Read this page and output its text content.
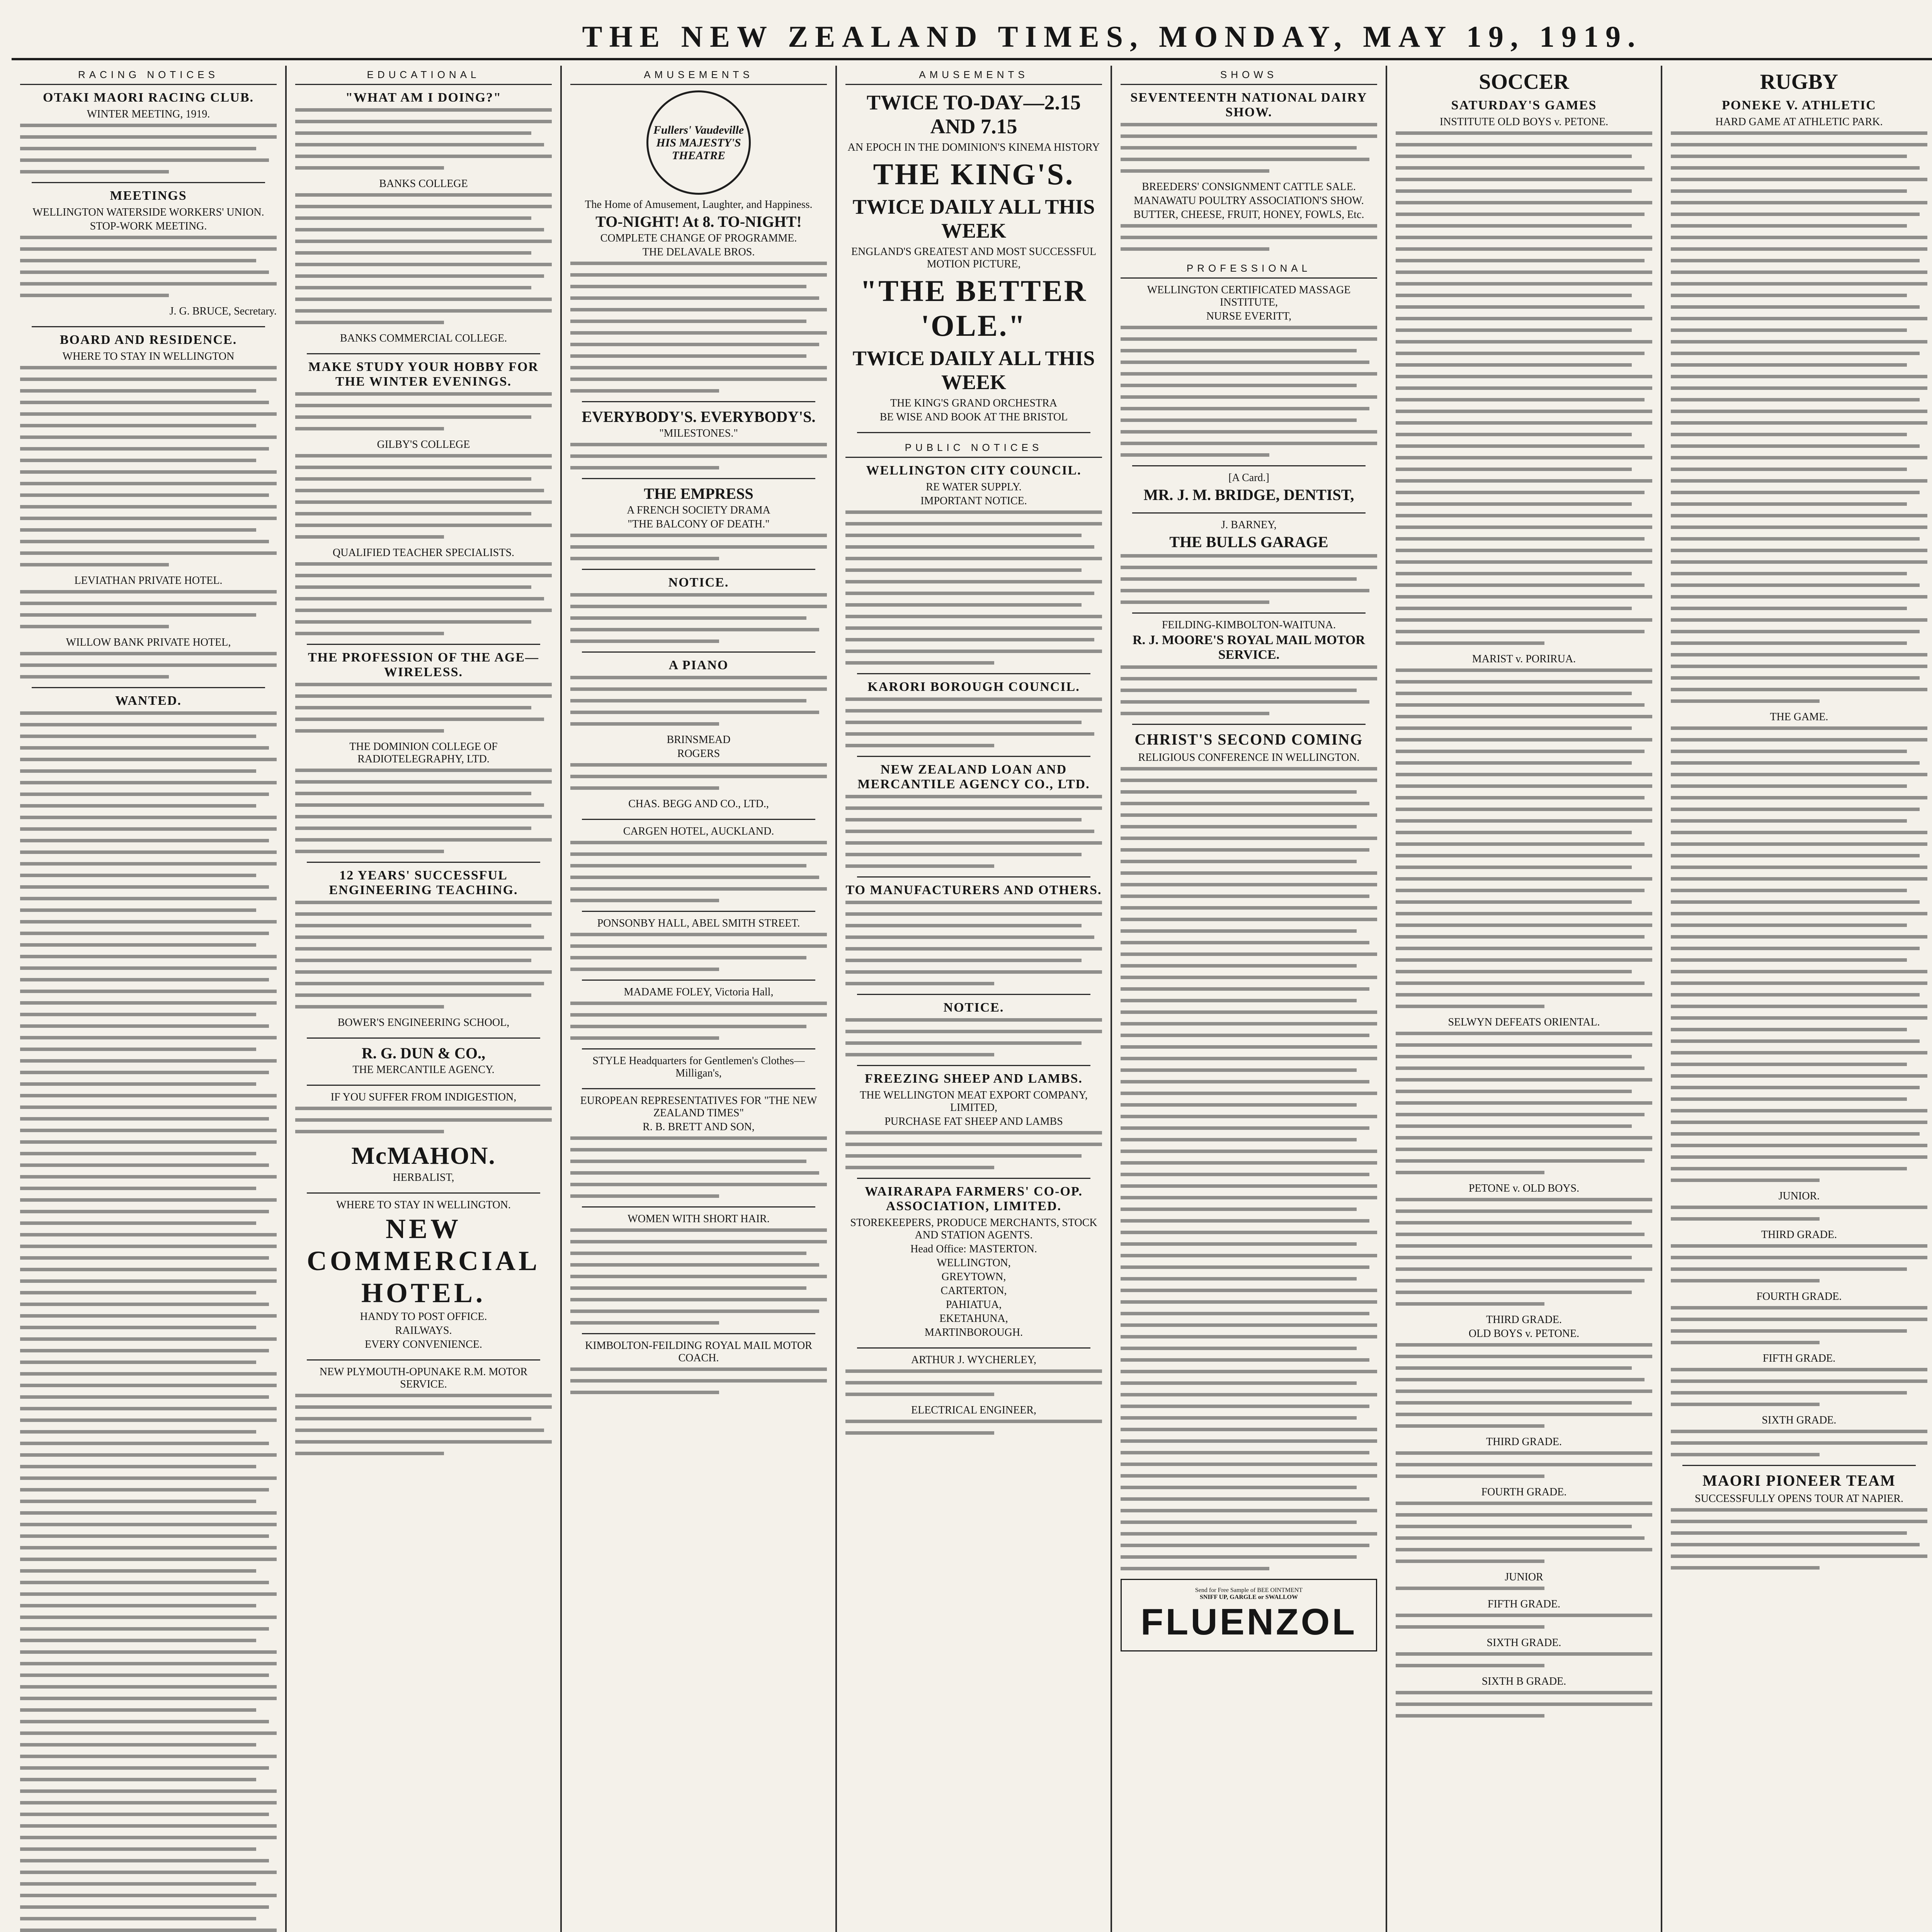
THE NEW ZEALAND TIMES, MONDAY, MAY 19, 1919.
RACING NOTICES
OTAKI MAORI RACING CLUB.
WINTER MEETING, 1919.
MEETINGS
WELLINGTON WATERSIDE WORKERS' UNION.
STOP-WORK MEETING.
J. G. BRUCE, Secretary.
BOARD AND RESIDENCE.
WHERE TO STAY IN WELLINGTON
LEVIATHAN PRIVATE HOTEL.
WILLOW BANK PRIVATE HOTEL,
WANTED.
EDUCATIONAL
"WHAT AM I DOING?"
BANKS COLLEGE
BANKS COMMERCIAL COLLEGE.
MAKE STUDY YOUR HOBBY FOR THE WINTER EVENINGS.
GILBY'S COLLEGE
QUALIFIED TEACHER SPECIALISTS.
THE PROFESSION OF THE AGE—WIRELESS.
THE DOMINION COLLEGE OF RADIOTELEGRAPHY, LTD.
12 YEARS' SUCCESSFUL ENGINEERING TEACHING.
BOWER'S ENGINEERING SCHOOL,
R. G. DUN & CO.,
THE MERCANTILE AGENCY.
IF YOU SUFFER FROM INDIGESTION,
McMAHON.
HERBALIST,
WHERE TO STAY IN WELLINGTON.
NEW COMMERCIAL HOTEL.
HANDY TO POST OFFICE.
RAILWAYS.
EVERY CONVENIENCE.
NEW PLYMOUTH-OPUNAKE R.M. MOTOR SERVICE.
AMUSEMENTS
Fullers' Vaudeville HIS MAJESTY'S THEATRE
The Home of Amusement, Laughter, and Happiness.
TO-NIGHT! At 8. TO-NIGHT!
COMPLETE CHANGE OF PROGRAMME.
THE DELAVALE BROS.
EVERYBODY'S. EVERYBODY'S.
"MILESTONES."
THE EMPRESS
A FRENCH SOCIETY DRAMA
"THE BALCONY OF DEATH."
NOTICE.
A PIANO
BRINSMEAD
ROGERS
CHAS. BEGG AND CO., LTD.,
CARGEN HOTEL, AUCKLAND.
PONSONBY HALL, ABEL SMITH STREET.
MADAME FOLEY, Victoria Hall,
STYLE Headquarters for Gentlemen's Clothes—Milligan's,
EUROPEAN REPRESENTATIVES FOR "THE NEW ZEALAND TIMES"
R. B. BRETT AND SON,
WOMEN WITH SHORT HAIR.
KIMBOLTON-FEILDING ROYAL MAIL MOTOR COACH.
AMUSEMENTS
TWICE TO-DAY—2.15 AND 7.15
AN EPOCH IN THE DOMINION'S KINEMA HISTORY
THE KING'S.
TWICE DAILY ALL THIS WEEK
ENGLAND'S GREATEST AND MOST SUCCESSFUL MOTION PICTURE,
"THE BETTER 'OLE."
TWICE DAILY ALL THIS WEEK
THE KING'S GRAND ORCHESTRA
BE WISE AND BOOK AT THE BRISTOL
PUBLIC NOTICES
WELLINGTON CITY COUNCIL.
RE WATER SUPPLY.
IMPORTANT NOTICE.
KARORI BOROUGH COUNCIL.
NEW ZEALAND LOAN AND MERCANTILE AGENCY CO., LTD.
TO MANUFACTURERS AND OTHERS.
NOTICE.
FREEZING SHEEP AND LAMBS.
THE WELLINGTON MEAT EXPORT COMPANY, LIMITED,
PURCHASE FAT SHEEP AND LAMBS
WAIRARAPA FARMERS' CO-OP. ASSOCIATION, LIMITED.
STOREKEEPERS, PRODUCE MERCHANTS, STOCK AND STATION AGENTS.
Head Office: MASTERTON.
WELLINGTON,
GREYTOWN,
CARTERTON,
PAHIATUA,
EKETAHUNA,
MARTINBOROUGH.
ARTHUR J. WYCHERLEY,
ELECTRICAL ENGINEER,
SHOWS
SEVENTEENTH NATIONAL DAIRY SHOW.
BREEDERS' CONSIGNMENT CATTLE SALE.
MANAWATU POULTRY ASSOCIATION'S SHOW.
BUTTER, CHEESE, FRUIT, HONEY, FOWLS, Etc.
PROFESSIONAL
WELLINGTON CERTIFICATED MASSAGE INSTITUTE,
NURSE EVERITT,
[A Card.]
MR. J. M. BRIDGE, DENTIST,
J. BARNEY,
THE BULLS GARAGE
FEILDING-KIMBOLTON-WAITUNA.
R. J. MOORE'S ROYAL MAIL MOTOR SERVICE.
CHRIST'S SECOND COMING
RELIGIOUS CONFERENCE IN WELLINGTON.
Send for Free Sample of BEE OINTMENT
SNIFF UP, GARGLE or SWALLOW
FLUENZOL
SOCCER
SATURDAY'S GAMES
INSTITUTE OLD BOYS v. PETONE.
MARIST v. PORIRUA.
SELWYN DEFEATS ORIENTAL.
PETONE v. OLD BOYS.
THIRD GRADE.
OLD BOYS v. PETONE.
THIRD GRADE.
FOURTH GRADE.
JUNIOR
FIFTH GRADE.
SIXTH GRADE.
SIXTH B GRADE.
RUGBY
PONEKE V. ATHLETIC
HARD GAME AT ATHLETIC PARK.
THE GAME.
JUNIOR.
THIRD GRADE.
FOURTH GRADE.
FIFTH GRADE.
SIXTH GRADE.
MAORI PIONEER TEAM
SUCCESSFULLY OPENS TOUR AT NAPIER.
